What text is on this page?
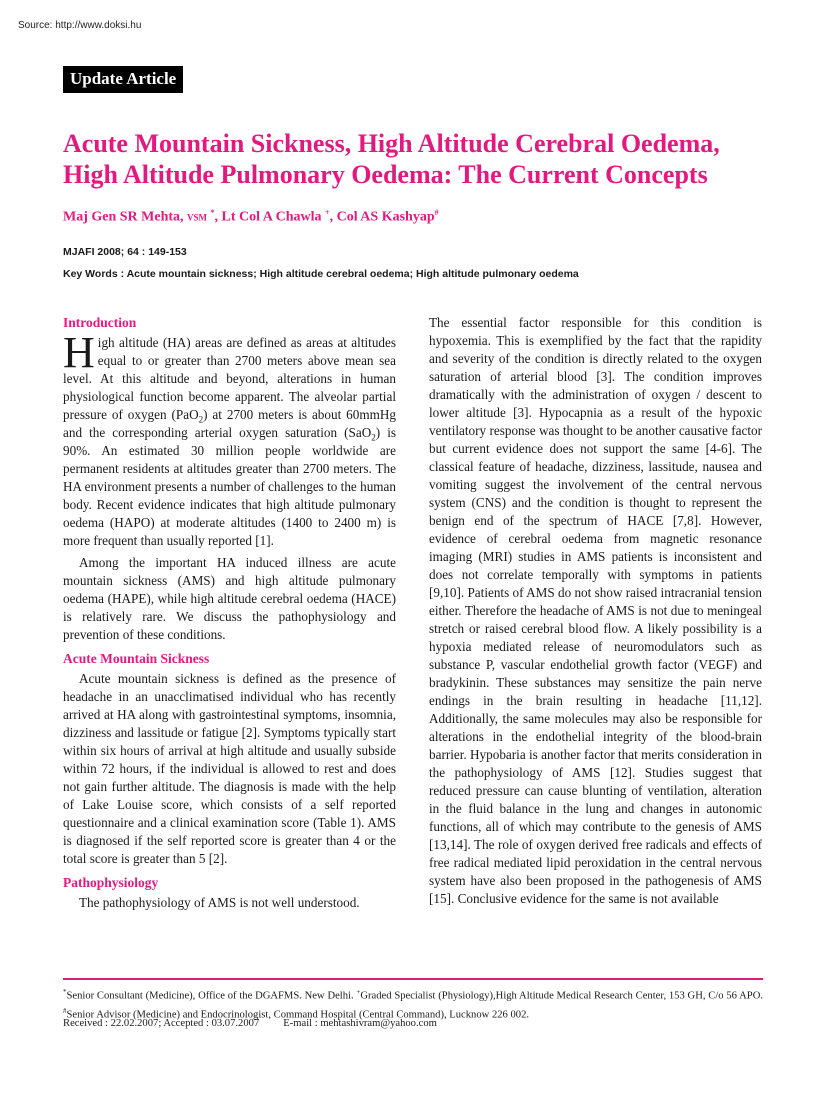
Source: http://www.doksi.hu
Update Article
Acute Mountain Sickness, High Altitude Cerebral Oedema,
High Altitude Pulmonary Oedema: The Current Concepts
Maj Gen SR Mehta, VSM *, Lt Col A Chawla +, Col AS Kashyap#
MJAFI 2008; 64 : 149-153
Key Words : Acute mountain sickness; High altitude cerebral oedema; High altitude pulmonary oedema
Introduction

High altitude (HA) areas are defined as areas at altitudes equal to or greater than 2700 meters above mean sea level. At this altitude and beyond, alterations in human physiological function become apparent. The alveolar partial pressure of oxygen (PaO$_2$) at 2700 meters is about 60mmHg and the corresponding arterial oxygen saturation (SaO$_2$) is 90%. An estimated 30 million people worldwide are permanent residents at altitudes greater than 2700 meters. The HA environment presents a number of challenges to the human body. Recent evidence indicates that high altitude pulmonary oedema (HAPO) at moderate altitudes (1400 to 2400 m) is more frequent than usually reported [1].

Among the important HA induced illness are acute mountain sickness (AMS) and high altitude pulmonary oedema (HAPE), while high altitude cerebral oedema (HACE) is relatively rare. We discuss the pathophysiology and prevention of these conditions.

Acute Mountain Sickness

Acute mountain sickness is defined as the presence of headache in an unacclimatised individual who has recently arrived at HA along with gastrointestinal symptoms, insomnia, dizziness and lassitude or fatigue [2]. Symptoms typically start within six hours of arrival at high altitude and usually subside within 72 hours, if the individual is allowed to rest and does not gain further altitude. The diagnosis is made with the help of Lake Louise score, which consists of a self reported questionnaire and a clinical examination score (Table 1). AMS is diagnosed if the self reported score is greater than 4 or the total score is greater than 5 [2].

Pathophysiology

The pathophysiology of AMS is not well understood.

The essential factor responsible for this condition is hypoxemia. This is exemplified by the fact that the rapidity and severity of the condition is directly related to the oxygen saturation of arterial blood [3]. The condition improves dramatically with the administration of oxygen / descent to lower altitude [3]. Hypocapnia as a result of the hypoxic ventilatory response was thought to be another causative factor but current evidence does not support the same [4-6]. The classical feature of headache, dizziness, lassitude, nausea and vomiting suggest the involvement of the central nervous system (CNS) and the condition is thought to represent the benign end of the spectrum of HACE [7,8]. However, evidence of cerebral oedema from magnetic resonance imaging (MRI) studies in AMS patients is inconsistent and does not correlate temporally with symptoms in patients [9,10]. Patients of AMS do not show raised intracranial tension either. Therefore the headache of AMS is not due to meningeal stretch or raised cerebral blood flow. A likely possibility is a hypoxia mediated release of neuromodulators such as substance P, vascular endothelial growth factor (VEGF) and bradykinin. These substances may sensitize the pain nerve endings in the brain resulting in headache [11,12]. Additionally, the same molecules may also be responsible for alterations in the endothelial integrity of the blood-brain barrier. Hypobaria is another factor that merits consideration in the pathophysiology of AMS [12]. Studies suggest that reduced pressure can cause blunting of ventilation, alteration in the fluid balance in the lung and changes in autonomic functions, all of which may contribute to the genesis of AMS [13,14]. The role of oxygen derived free radicals and effects of free radical mediated lipid peroxidation in the central nervous system have also been proposed in the pathogenesis of AMS [15]. Conclusive evidence for the same is not available

*Senior Consultant (Medicine), Office of the DGAFMS. New Delhi. +Graded Specialist (Physiology),High Altitude Medical Research Center, 153 GH, C/o 56 APO. #Senior Advisor (Medicine) and Endocrinologist, Command Hospital (Central Command), Lucknow 226 002.
Received : 22.02.2007; Accepted : 03.07.2007 E-mail : mehtashivram@yahoo.com
